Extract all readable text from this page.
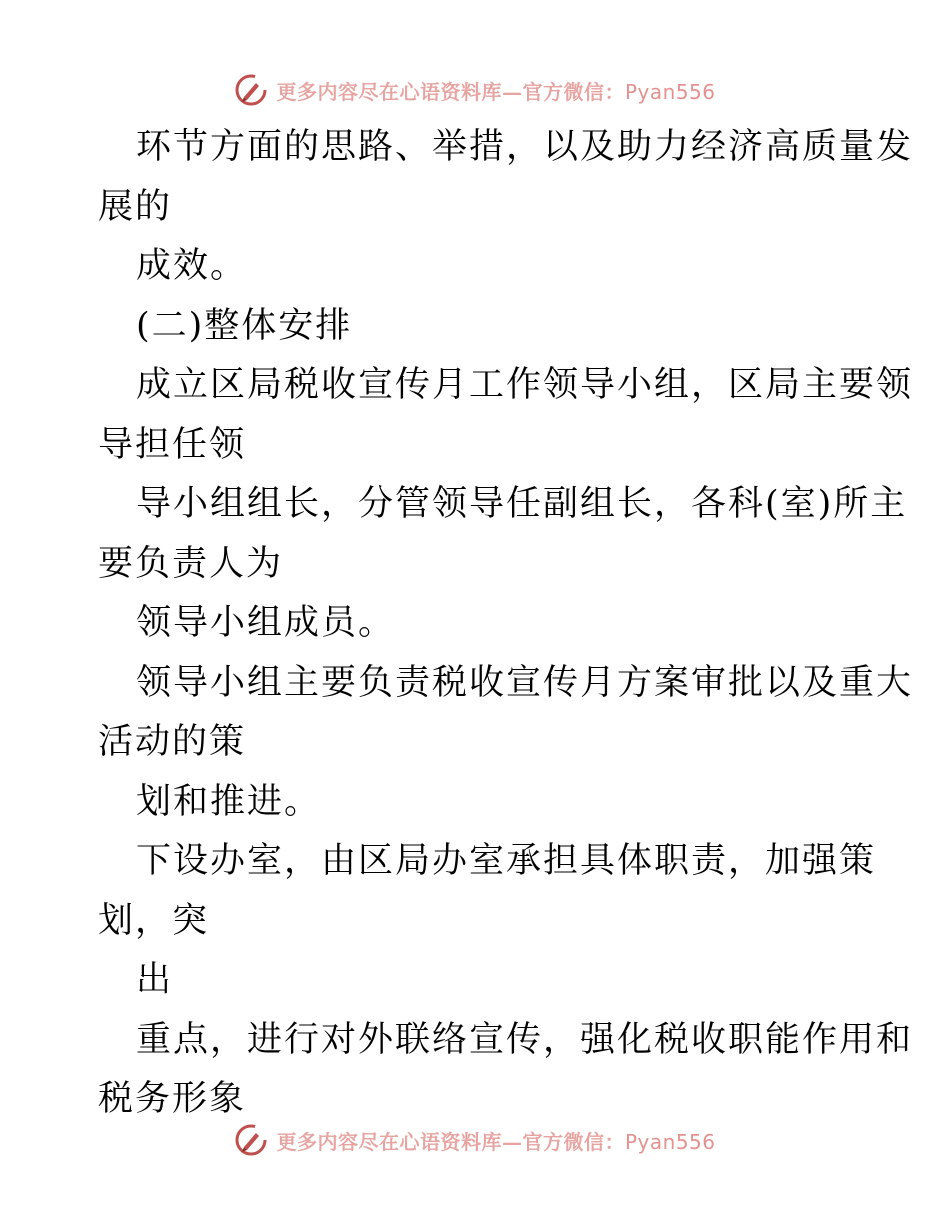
更多内容尽在心语资料库—官方微信：Pyan556
环节方面的思路、举措，以及助力经济高质量发
展的
成效。
(二)整体安排
成立区局税收宣传月工作领导小组，区局主要领
导担任领
导小组组长，分管领导任副组长，各科(室)所主
要负责人为
领导小组成员。
领导小组主要负责税收宣传月方案审批以及重大
活动的策
划和推进。
下设办室，由区局办室承担具体职责，加强策
划，突
出
重点，进行对外联络宣传，强化税收职能作用和
税务形象
更多内容尽在心语资料库—官方微信：Pyan556
